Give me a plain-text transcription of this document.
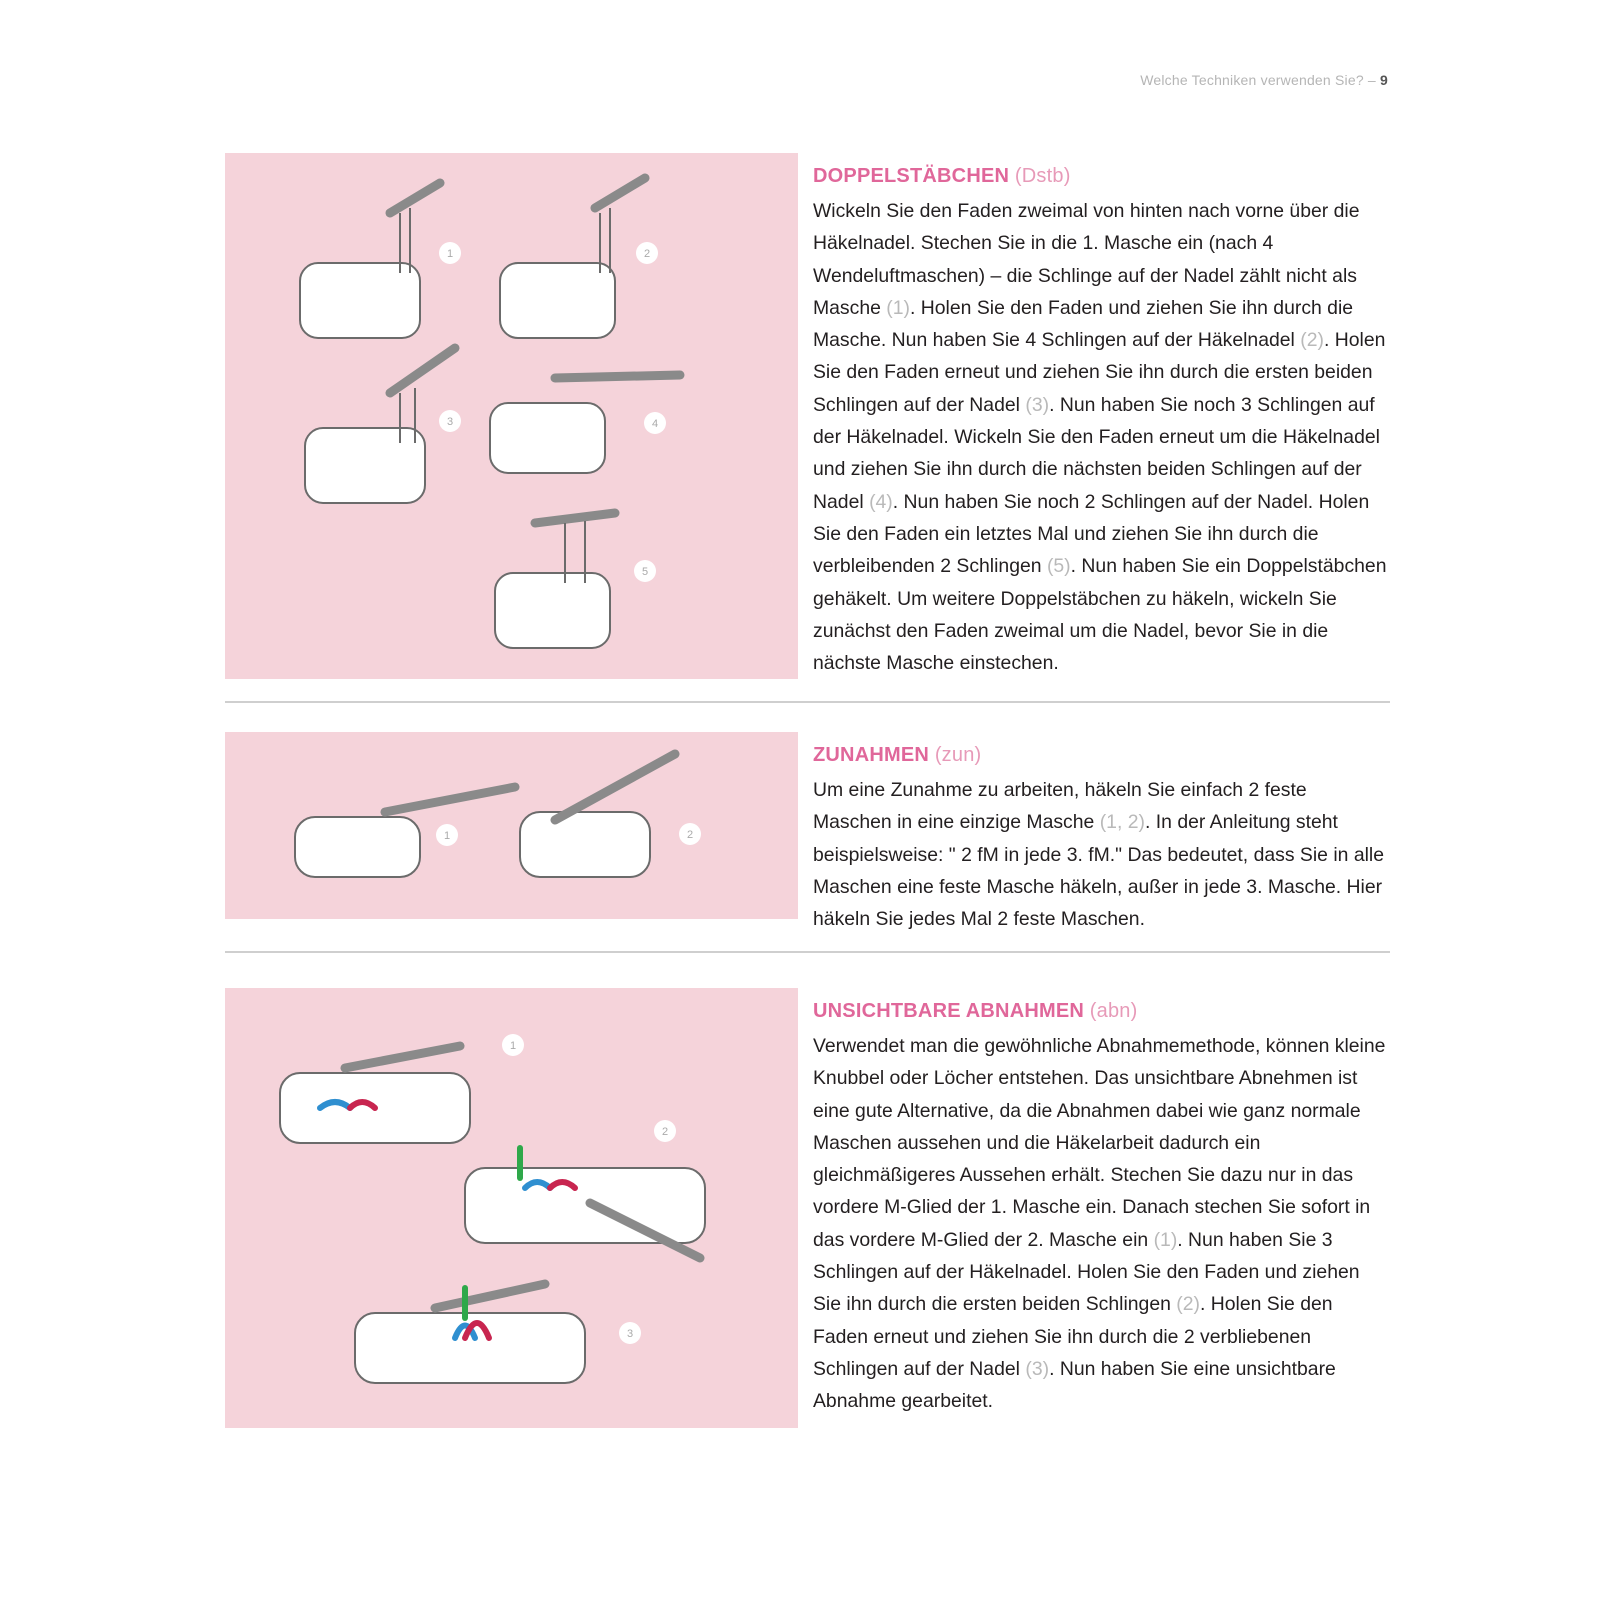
Welche Techniken verwenden Sie? – 9
1	2
3	4
5

DOPPELSTÄBCHEN (Dstb)

Wickeln Sie den Faden zweimal von hinten nach vorne über die Häkelnadel. Stechen Sie in die 1. Masche ein (nach 4 Wendeluftmaschen) – die Schlinge auf der Nadel zählt nicht als Masche (1). Holen Sie den Faden und ziehen Sie ihn durch die Masche. Nun haben Sie 4 Schlingen auf der Häkelnadel (2). Holen Sie den Faden erneut und ziehen Sie ihn durch die ersten beiden Schlingen auf der Nadel (3). Nun haben Sie noch 3 Schlingen auf der Häkelnadel. Wickeln Sie den Faden erneut um die Häkelnadel und ziehen Sie ihn durch die nächsten beiden Schlingen auf der Nadel (4). Nun haben Sie noch 2 Schlingen auf der Nadel. Holen Sie den Faden ein letztes Mal und ziehen Sie ihn durch die verbleibenden 2 Schlingen (5). Nun haben Sie ein Doppelstäbchen gehäkelt. Um weitere Doppelstäbchen zu häkeln, wickeln Sie zunächst den Faden zweimal um die Nadel, bevor Sie in die nächste Masche einstechen.

1	2

ZUNAHMEN (zun)

Um eine Zunahme zu arbeiten, häkeln Sie einfach 2 feste Maschen in eine einzige Masche (1, 2). In der Anleitung steht beispielsweise: " 2 fM in jede 3. fM." Das bedeutet, dass Sie in alle Maschen eine feste Masche häkeln, außer in jede 3. Masche. Hier häkeln Sie jedes Mal 2 feste Maschen.

1
2
3

UNSICHTBARE ABNAHMEN (abn)

Verwendet man die gewöhnliche Abnahmemethode, können kleine Knubbel oder Löcher entstehen. Das unsichtbare Abnehmen ist eine gute Alternative, da die Abnahmen dabei wie ganz normale Maschen aussehen und die Häkelarbeit dadurch ein gleichmäßigeres Aussehen erhält. Stechen Sie dazu nur in das vordere M-Glied der 1. Masche ein. Danach stechen Sie sofort in das vordere M-Glied der 2. Masche ein (1). Nun haben Sie 3 Schlingen auf der Häkelnadel. Holen Sie den Faden und ziehen Sie ihn durch die ersten beiden Schlingen (2). Holen Sie den Faden erneut und ziehen Sie ihn durch die 2 verbliebenen Schlingen auf der Nadel (3). Nun haben Sie eine unsichtbare Abnahme gearbeitet.
